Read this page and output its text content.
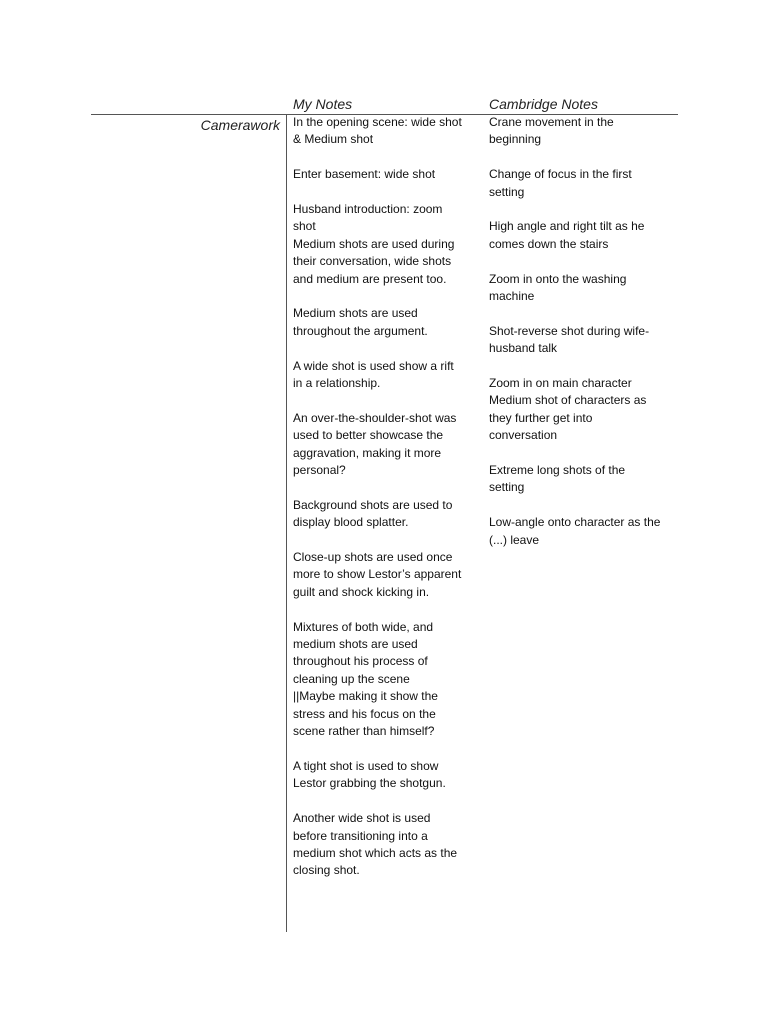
My Notes	Cambridge Notes
Camerawork In the opening scene: wide shot
& Medium shot

Enter basement: wide shot

Husband introduction: zoom
shot

Medium shots are used during
their conversation, wide shots
and medium are present too.

Medium shots are used
throughout the argument.

A wide shot is used show a rift
in a relationship.

An over-the-shoulder-shot was
used to better showcase the
aggravation, making it more
personal?

Background shots are used to
display blood splatter.

Close-up shots are used once
more to show Lestor’s apparent
guilt and shock kicking in.

Mixtures of both wide, and
medium shots are used
throughout his process of
cleaning up the scene
||Maybe making it show the
stress and his focus on the
scene rather than himself?

A tight shot is used to show
Lestor grabbing the shotgun.

Another wide shot is used
before transitioning into a
medium shot which acts as the
closing shot.

Crane movement in the
beginning

Change of focus in the first
setting

High angle and right tilt as he
comes down the stairs

Zoom in onto the washing
machine

Shot-reverse shot during wife-
husband talk

Zoom in on main character
Medium shot of characters as
they further get into
conversation

Extreme long shots of the
setting

Low-angle onto character as the
(...) leave
